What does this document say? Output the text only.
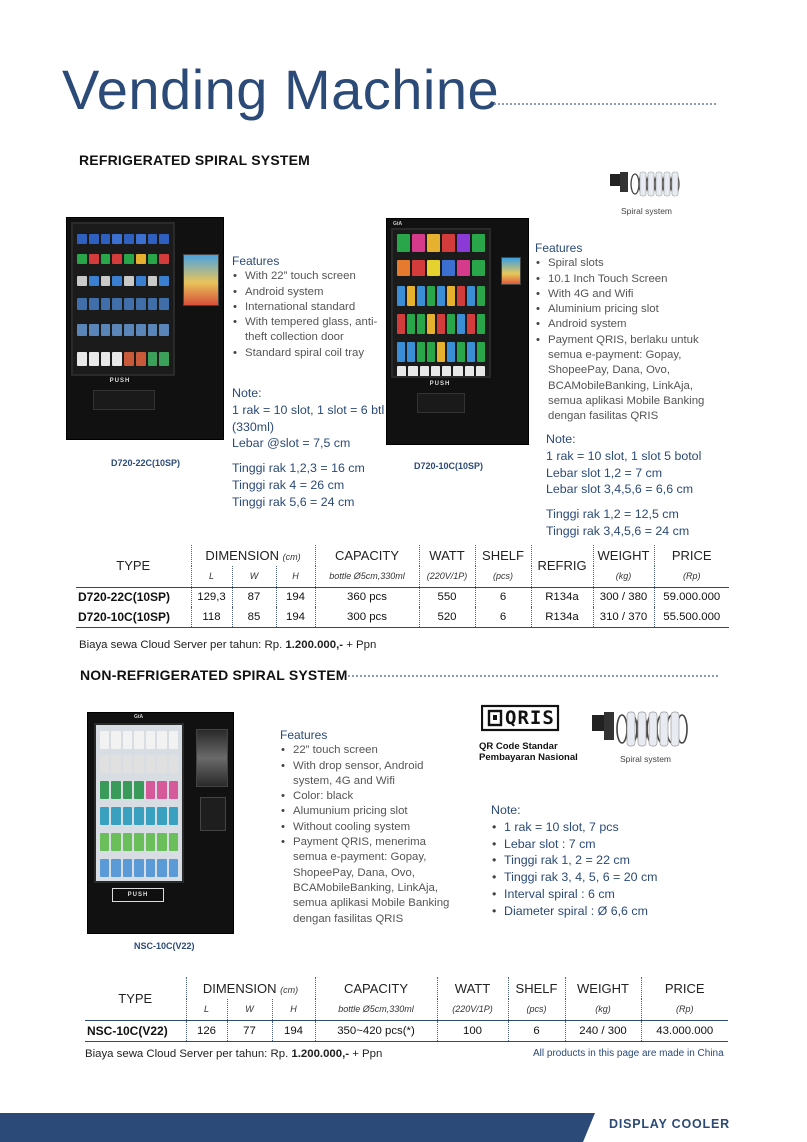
Vending Machine
REFRIGERATED SPIRAL SYSTEM
Spiral system
PUSH
D720-22C(10SP)
Features
• With 22” touch screen
• Android system
• International standard
• With tempered glass, anti-theft collection door
• Standard spiral coil tray
Note:
1 rak = 10 slot, 1 slot = 6 btl (330ml)
Lebar @slot = 7,5 cm
Tinggi rak 1,2,3 = 16 cm
Tinggi rak 4 = 26 cm
Tinggi rak 5,6 = 24 cm
GtA
PUSH
D720-10C(10SP)
Features
• Spiral slots
• 10.1 Inch Touch Screen
• With 4G and Wifi
• Aluminium pricing slot
• Android system
• Payment QRIS, berlaku untuk semua e-payment: Gopay, ShopeePay, Dana, Ovo, BCAMobileBanking, LinkAja, semua aplikasi Mobile Banking dengan fasilitas QRIS
Note:
1 rak = 10 slot, 1 slot 5 botol
Lebar slot 1,2 = 7 cm
Lebar slot 3,4,5,6 = 6,6 cm
Tinggi rak 1,2 = 12,5 cm
Tinggi rak 3,4,5,6 = 24 cm
TYPE	DIMENSION (cm)			CAPACITY	WATT	SHELF	REFRIG	WEIGHT	PRICE
	L	W	H	bottle Ø5cm,330ml	(220V/1P)	(pcs)		(kg)	(Rp)
D720-22C(10SP)	129,3	87	194	360 pcs	550	6	R134a	300 / 380	59.000.000
D720-10C(10SP)	118	85	194	300 pcs	520	6	R134a	310 / 370	55.500.000
Biaya sewa Cloud Server per tahun: Rp. 1.200.000,- + Ppn
NON-REFRIGERATED SPIRAL SYSTEM
GtA
PUSH
NSC-10C(V22)
Features
• 22” touch screen
• With drop sensor, Android system, 4G and Wifi
• Color: black
• Alumunium pricing slot
• Without cooling system
• Payment QRIS, menerima semua e-payment: Gopay, ShopeePay, Dana, Ovo, BCAMobileBanking, LinkAja, semua aplikasi Mobile Banking dengan fasilitas QRIS
QRIS
QR Code Standar
Pembayaran Nasional	Spiral system
Note:
• 1 rak = 10 slot, 7 pcs
• Lebar slot : 7 cm
• Tinggi rak 1, 2 = 22 cm
• Tinggi rak 3, 4, 5, 6 = 20 cm
• Interval spiral : 6 cm
• Diameter spiral : Ø 6,6 cm
TYPE	DIMENSION (cm)			CAPACITY	WATT	SHELF	WEIGHT	PRICE
	L	W	H	bottle Ø5cm,330ml	(220V/1P)	(pcs)	(kg)	(Rp)
NSC-10C(V22)	126	77	194	350~420 pcs(*)	100	6	240 / 300	43.000.000
Biaya sewa Cloud Server per tahun: Rp. 1.200.000,- + Ppn	All products in this page are made in China
DISPLAY COOLER
